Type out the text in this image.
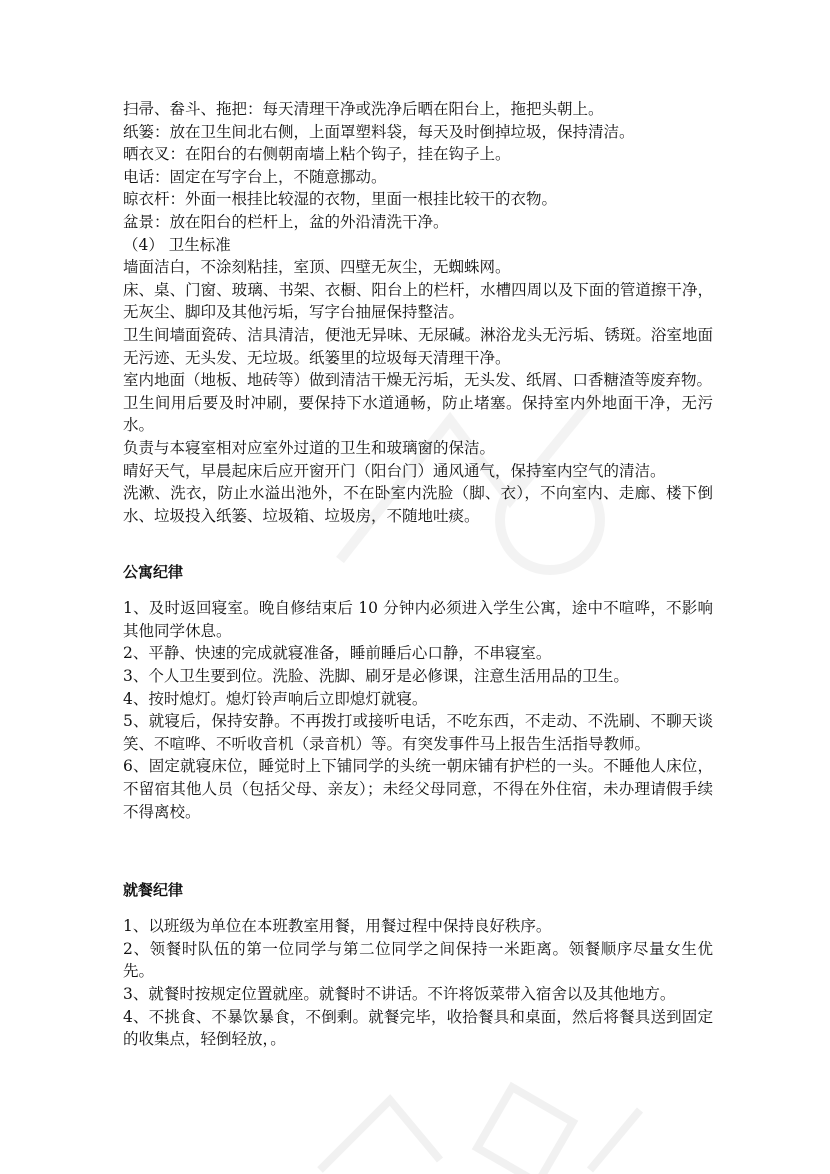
扫帚、畚斗、拖把：每天清理干净或洗净后晒在阳台上，拖把头朝上。

纸篓：放在卫生间北右侧，上面罩塑料袋，每天及时倒掉垃圾，保持清洁。

晒衣叉：在阳台的右侧朝南墙上粘个钩子，挂在钩子上。

电话：固定在写字台上，不随意挪动。

晾衣杆：外面一根挂比较湿的衣物，里面一根挂比较干的衣物。

盆景：放在阳台的栏杆上，盆的外沿清洗干净。

（4） 卫生标准

墙面洁白，不涂刻粘挂，室顶、四壁无灰尘，无蜘蛛网。

床、桌、门窗、玻璃、书架、衣橱、阳台上的栏杆，水槽四周以及下面的管道擦干净，无灰尘、脚印及其他污垢，写字台抽屉保持整洁。

卫生间墙面瓷砖、洁具清洁，便池无异味、无尿碱。淋浴龙头无污垢、锈斑。浴室地面无污迹、无头发、无垃圾。纸篓里的垃圾每天清理干净。

室内地面（地板、地砖等）做到清洁干燥无污垢，无头发、纸屑、口香糖渣等废弃物。

卫生间用后要及时冲刷，要保持下水道通畅，防止堵塞。保持室内外地面干净，无污水。

负责与本寝室相对应室外过道的卫生和玻璃窗的保洁。

晴好天气，早晨起床后应开窗开门（阳台门）通风通气，保持室内空气的清洁。

洗漱、洗衣，防止水溢出池外，不在卧室内洗脸（脚、衣），不向室内、走廊、楼下倒水、垃圾投入纸篓、垃圾箱、垃圾房，不随地吐痰。

公寓纪律

1、及时返回寝室。晚自修结束后 10 分钟内必须进入学生公寓，途中不喧哗，不影响其他同学休息。

2、平静、快速的完成就寝准备，睡前睡后心口静，不串寝室。

3、个人卫生要到位。洗脸、洗脚、刷牙是必修课，注意生活用品的卫生。

4、按时熄灯。熄灯铃声响后立即熄灯就寝。

5、就寝后，保持安静。不再拨打或接听电话，不吃东西，不走动、不洗刷、不聊天谈笑、不喧哗、不听收音机（录音机）等。有突发事件马上报告生活指导教师。

6、固定就寝床位，睡觉时上下铺同学的头统一朝床铺有护栏的一头。不睡他人床位，不留宿其他人员（包括父母、亲友）；未经父母同意，不得在外住宿，未办理请假手续不得离校。

就餐纪律

1、以班级为单位在本班教室用餐，用餐过程中保持良好秩序。

2、领餐时队伍的第一位同学与第二位同学之间保持一米距离。领餐顺序尽量女生优先。

3、就餐时按规定位置就座。就餐时不讲话。不许将饭菜带入宿舍以及其他地方。

4、不挑食、不暴饮暴食，不倒剩。就餐完毕，收拾餐具和桌面，然后将餐具送到固定的收集点，轻倒轻放，。
